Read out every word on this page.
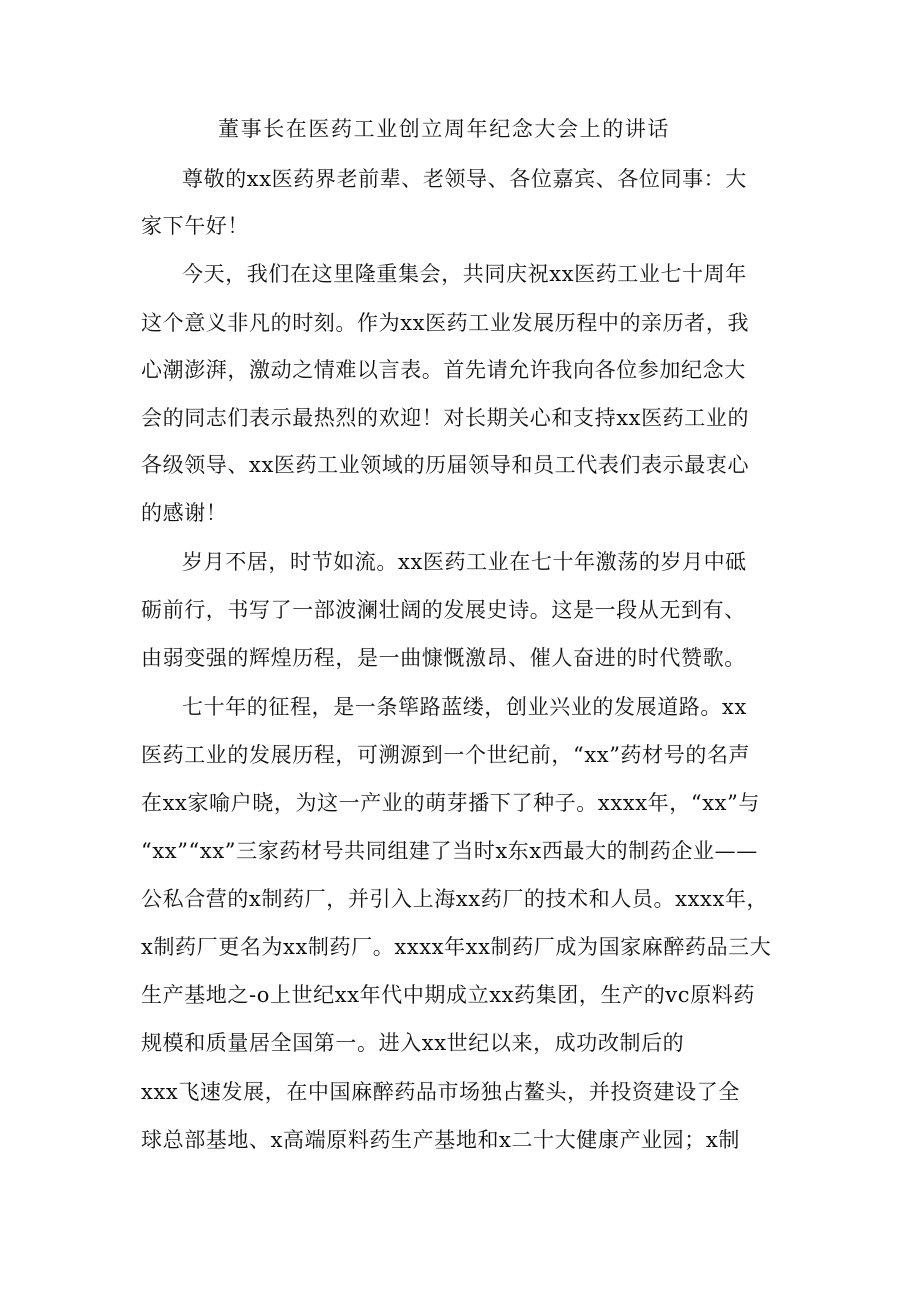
董事长在医药工业创立周年纪念大会上的讲话

尊敬的xx医药界老前辈、老领导、各位嘉宾、各位同事：大

家下午好！

今天，我们在这里隆重集会，共同庆祝xx医药工业七十周年

这个意义非凡的时刻。作为xx医药工业发展历程中的亲历者，我

心潮澎湃，激动之情难以言表。首先请允许我向各位参加纪念大

会的同志们表示最热烈的欢迎！对长期关心和支持xx医药工业的

各级领导、xx医药工业领域的历届领导和员工代表们表示最衷心

的感谢！

岁月不居，时节如流。xx医药工业在七十年激荡的岁月中砥

砺前行，书写了一部波澜壮阔的发展史诗。这是一段从无到有、

由弱变强的辉煌历程，是一曲慷慨激昂、催人奋进的时代赞歌。

七十年的征程，是一条筚路蓝缕，创业兴业的发展道路。xx

医药工业的发展历程，可溯源到一个世纪前，“xx”药材号的名声

在xx家喻户晓，为这一产业的萌芽播下了种子。xxxx年，“xx”与

“xx”“xx”三家药材号共同组建了当时x东x西最大的制药企业——

公私合营的x制药厂，并引入上海xx药厂的技术和人员。xxxx年，

x制药厂更名为xx制药厂。xxxx年xx制药厂成为国家麻醉药品三大

生产基地之-o上世纪xx年代中期成立xx药集团，生产的vc原料药

规模和质量居全国第一。进入xx世纪以来，成功改制后的

xxx飞速发展，在中国麻醉药品市场独占鳌头，并投资建设了全

球总部基地、x高端原料药生产基地和x二十大健康产业园；x制
